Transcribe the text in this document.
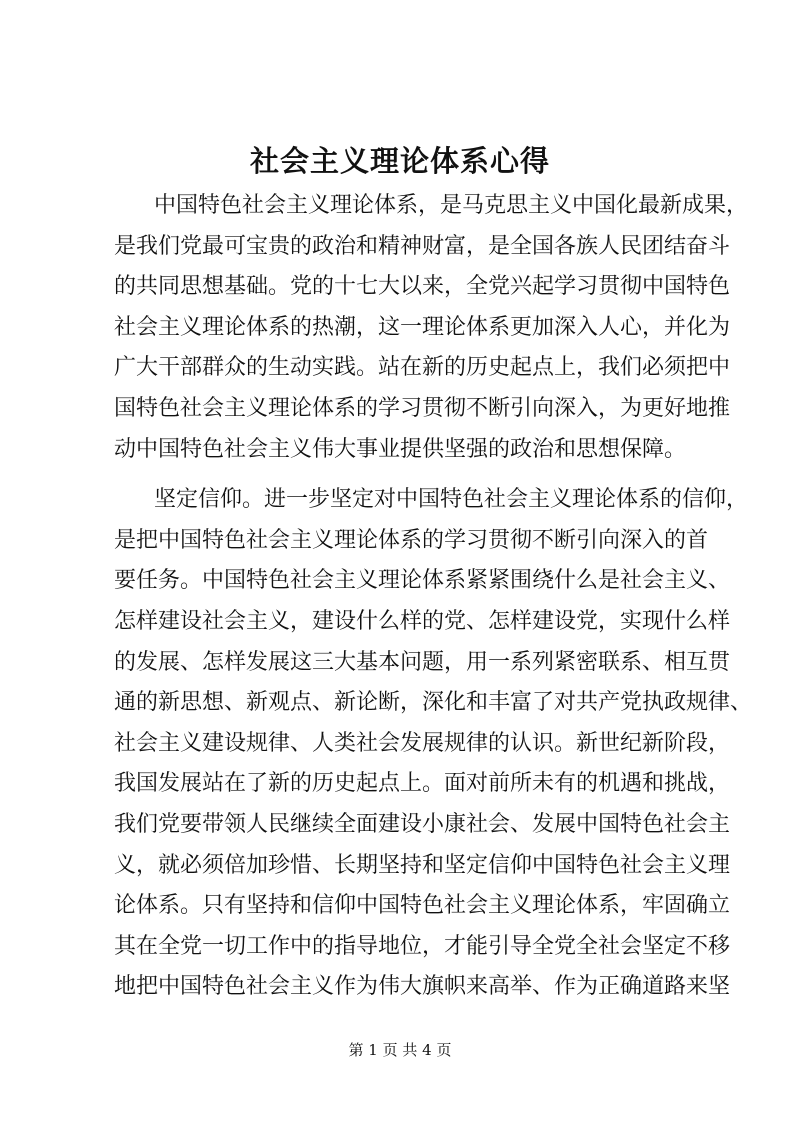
社会主义理论体系心得
中国特色社会主义理论体系，是马克思主义中国化最新成果，
是我们党最可宝贵的政治和精神财富，是全国各族人民团结奋斗
的共同思想基础。党的十七大以来，全党兴起学习贯彻中国特色
社会主义理论体系的热潮，这一理论体系更加深入人心，并化为
广大干部群众的生动实践。站在新的历史起点上，我们必须把中
国特色社会主义理论体系的学习贯彻不断引向深入，为更好地推
动中国特色社会主义伟大事业提供坚强的政治和思想保障。
坚定信仰。进一步坚定对中国特色社会主义理论体系的信仰，
是把中国特色社会主义理论体系的学习贯彻不断引向深入的首
要任务。中国特色社会主义理论体系紧紧围绕什么是社会主义、
怎样建设社会主义，建设什么样的党、怎样建设党，实现什么样
的发展、怎样发展这三大基本问题，用一系列紧密联系、相互贯
通的新思想、新观点、新论断，深化和丰富了对共产党执政规律、
社会主义建设规律、人类社会发展规律的认识。新世纪新阶段，
我国发展站在了新的历史起点上。面对前所未有的机遇和挑战，
我们党要带领人民继续全面建设小康社会、发展中国特色社会主
义，就必须倍加珍惜、长期坚持和坚定信仰中国特色社会主义理
论体系。只有坚持和信仰中国特色社会主义理论体系，牢固确立
其在全党一切工作中的指导地位，才能引导全党全社会坚定不移
地把中国特色社会主义作为伟大旗帜来高举、作为正确道路来坚
第 1 页 共 4 页
